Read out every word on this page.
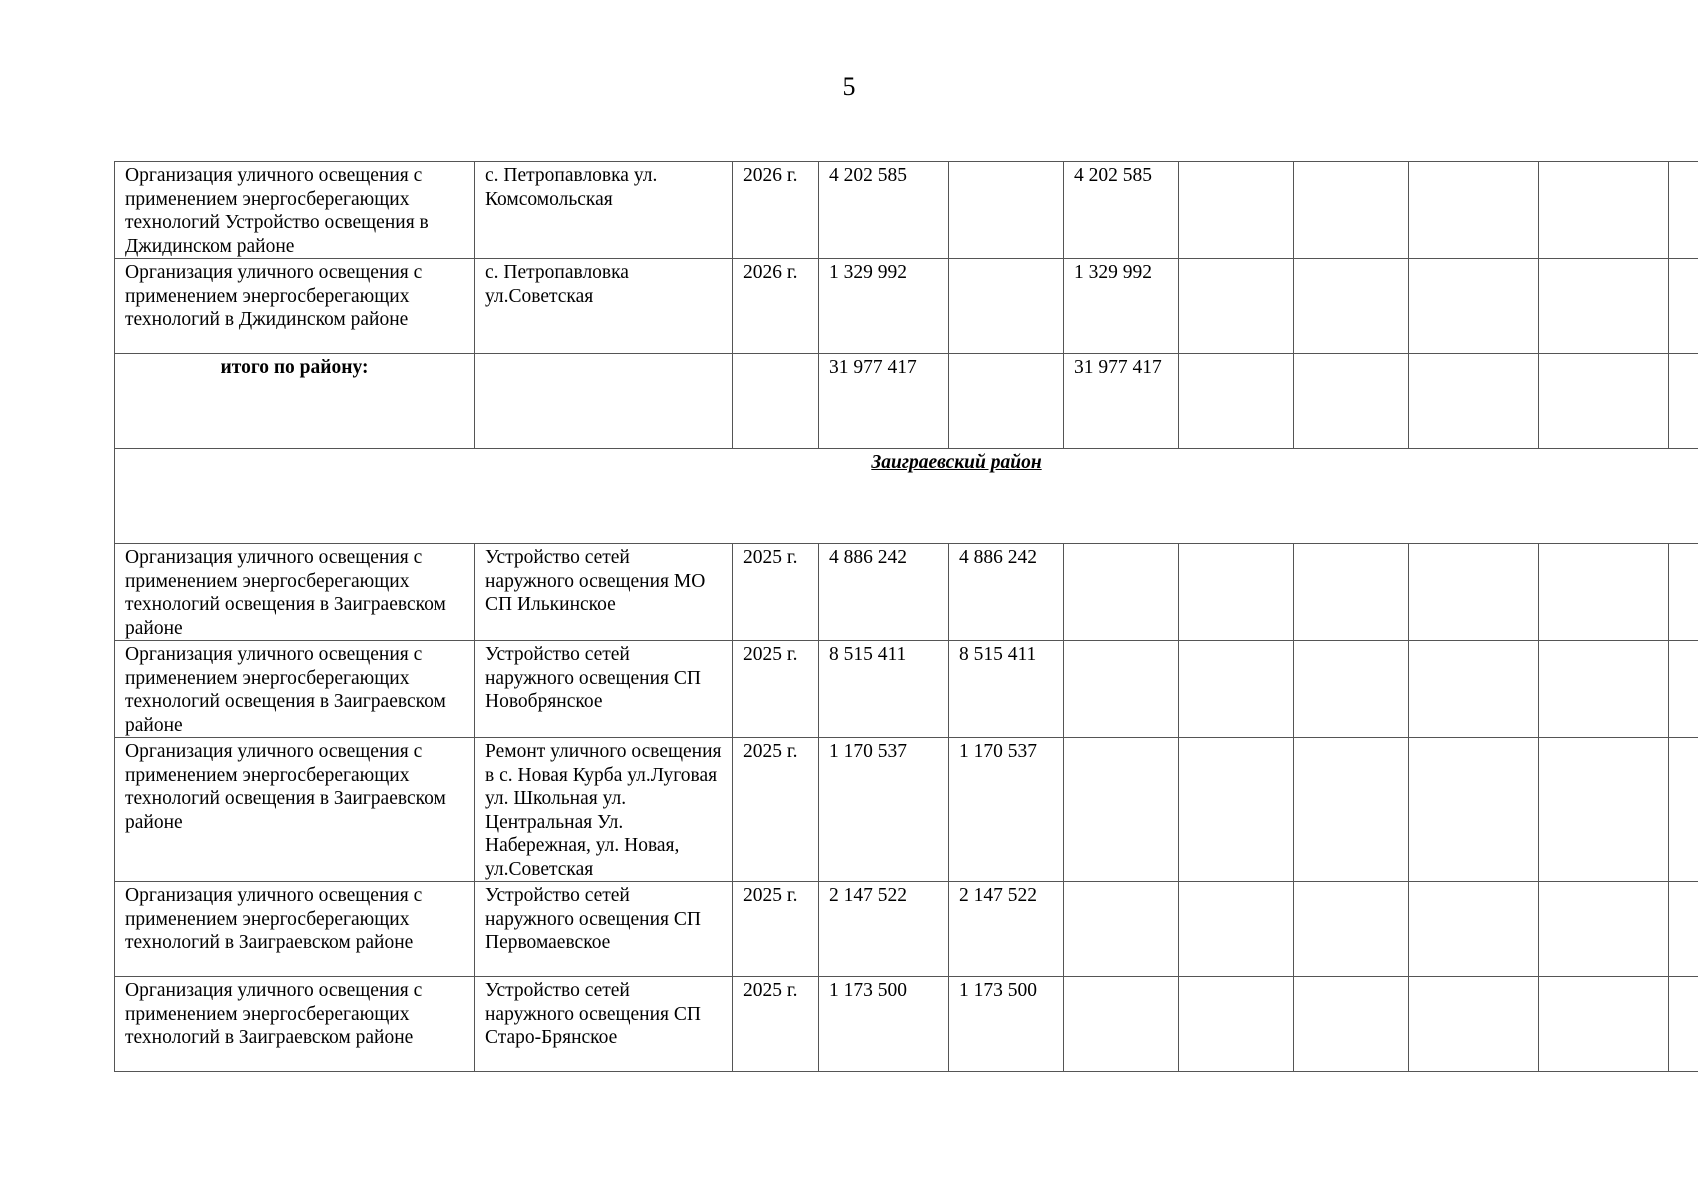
5
Организация уличного освещения с применением энергосберегающих технологий Устройство освещения в Джидинском районе	с. Петропавловка ул. Комсомольская	2026 г.	4 202 585		4 202 585					
Организация уличного освещения с применением энергосберегающих технологий в Джидинском районе	с. Петропавловка ул.Советская	2026 г.	1 329 992		1 329 992					
итого по району:			31 977 417		31 977 417					
Заиграевский район										
Организация уличного освещения с применением энергосберегающих технологий освещения в Заиграевском районе	Устройство сетей наружного освещения МО СП Илькинское	2025 г.	4 886 242	4 886 242						
Организация уличного освещения с применением энергосберегающих технологий освещения в Заиграевском районе	Устройство сетей наружного освещения СП Новобрянское	2025 г.	8 515 411	8 515 411						
Организация уличного освещения с применением энергосберегающих технологий освещения в Заиграевском районе	Ремонт уличного освещения в с. Новая Курба ул.Луговая ул. Школьная ул. Центральная Ул. Набережная, ул. Новая, ул.Советская	2025 г.	1 170 537	1 170 537						
Организация уличного освещения с применением энергосберегающих технологий в Заиграевском районе	Устройство сетей наружного освещения СП Первомаевское	2025 г.	2 147 522	2 147 522						
Организация уличного освещения с применением энергосберегающих технологий в Заиграевском районе	Устройство сетей наружного освещения СП Старо-Брянское	2025 г.	1 173 500	1 173 500						
